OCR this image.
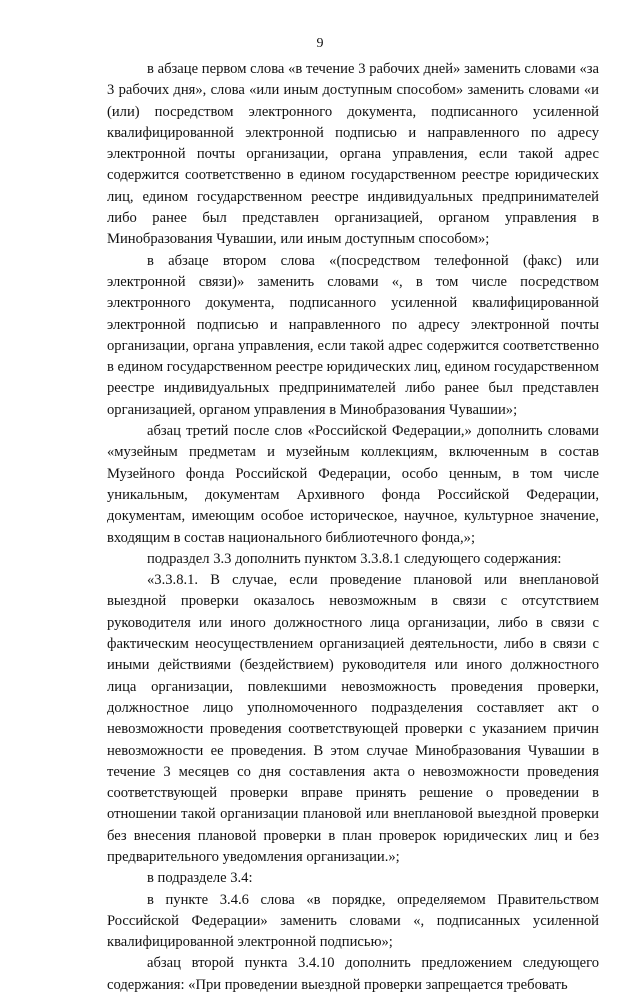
9

в абзаце первом слова «в течение 3 рабочих дней» заменить словами «за 3 рабочих дня», слова «или иным доступным способом» заменить словами «и (или) посредством электронного документа, подписанного усиленной квалифицированной электронной подписью и направленного по адресу электронной почты организации, органа управления, если такой адрес содержится соответственно в едином государственном реестре юридических лиц, едином государственном реестре индивидуальных предпринимателей либо ранее был представлен организацией, органом управления в Минобразования Чувашии, или иным доступным способом»;

в абзаце втором слова «(посредством телефонной (факс) или электронной связи)» заменить словами «, в том числе посредством электронного документа, подписанного усиленной квалифицированной электронной подписью и направленного по адресу электронной почты организации, органа управления, если такой адрес содержится соответственно в едином государственном реестре юридических лиц, едином государственном реестре индивидуальных предпринимателей либо ранее был представлен организацией, органом управления в Минобразования Чувашии»;

абзац третий после слов «Российской Федерации,» дополнить словами «музейным предметам и музейным коллекциям, включенным в состав Музейного фонда Российской Федерации, особо ценным, в том числе уникальным, документам Архивного фонда Российской Федерации, документам, имеющим особое историческое, научное, культурное значение, входящим в состав национального библиотечного фонда,»;

подраздел 3.3 дополнить пунктом 3.3.8.1 следующего содержания:

«3.3.8.1. В случае, если проведение плановой или внеплановой выездной проверки оказалось невозможным в связи с отсутствием руководителя или иного должностного лица организации, либо в связи с фактическим неосуществлением организацией деятельности, либо в связи с иными действиями (бездействием) руководителя или иного должностного лица организации, повлекшими невозможность проведения проверки, должностное лицо уполномоченного подразделения составляет акт о невозможности проведения соответствующей проверки с указанием причин невозможности ее проведения. В этом случае Минобразования Чувашии в течение 3 месяцев со дня составления акта о невозможности проведения соответствующей проверки вправе принять решение о проведении в отношении такой организации плановой или внеплановой выездной проверки без внесения плановой проверки в план проверок юридических лиц и без предварительного уведомления организации.»;

в подразделе 3.4:

в пункте 3.4.6 слова «в порядке, определяемом Правительством Российской Федерации» заменить словами «, подписанных усиленной квалифицированной электронной подписью»;

абзац второй пункта 3.4.10 дополнить предложением следующего содержания: «При проведении выездной проверки запрещается требовать
